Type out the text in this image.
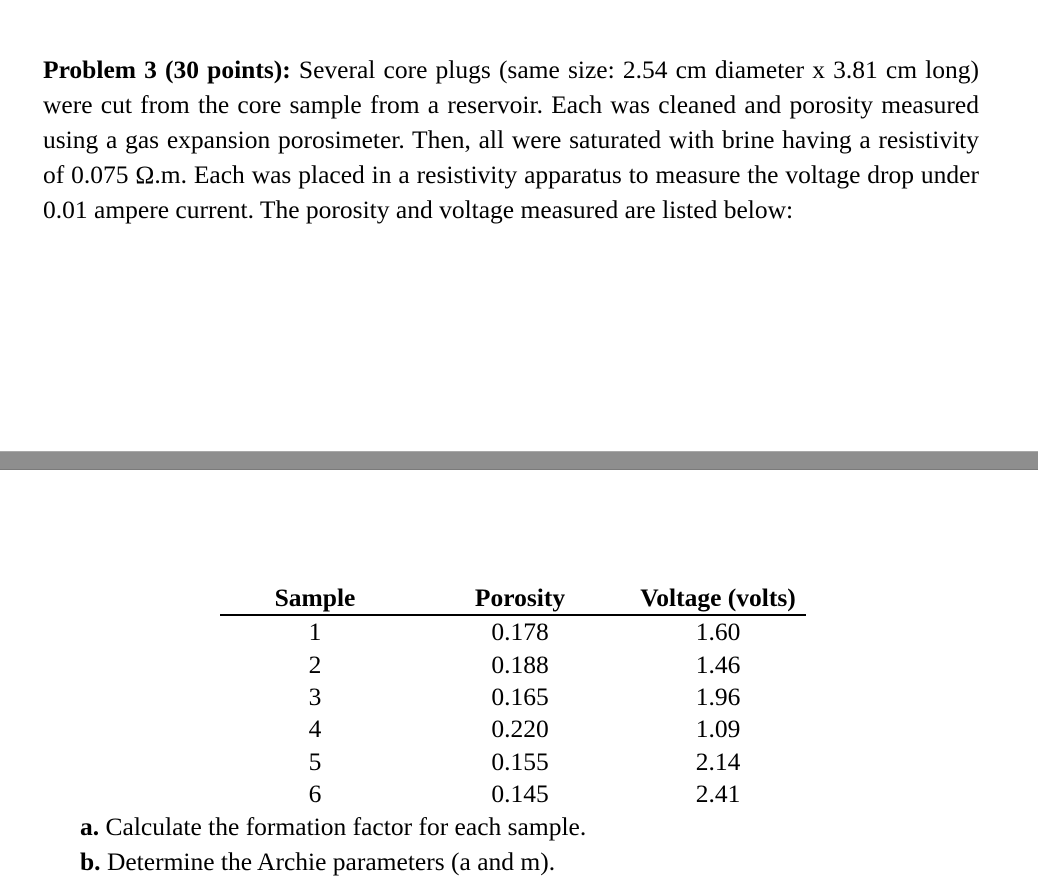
Problem 3 (30 points): Several core plugs (same size: 2.54 cm diameter x 3.81 cm long) were cut from the core sample from a reservoir. Each was cleaned and porosity measured using a gas expansion porosimeter. Then, all were saturated with brine having a resistivity of 0.075 Ω.m. Each was placed in a resistivity apparatus to measure the voltage drop under 0.01 ampere current. The porosity and voltage measured are listed below:

Sample	Porosity	Voltage (volts)
1	0.178	1.60
2	0.188	1.46
3	0.165	1.96
4	0.220	1.09
5	0.155	2.14
6	0.145	2.41
a. Calculate the formation factor for each sample.
b. Determine the Archie parameters (a and m).
